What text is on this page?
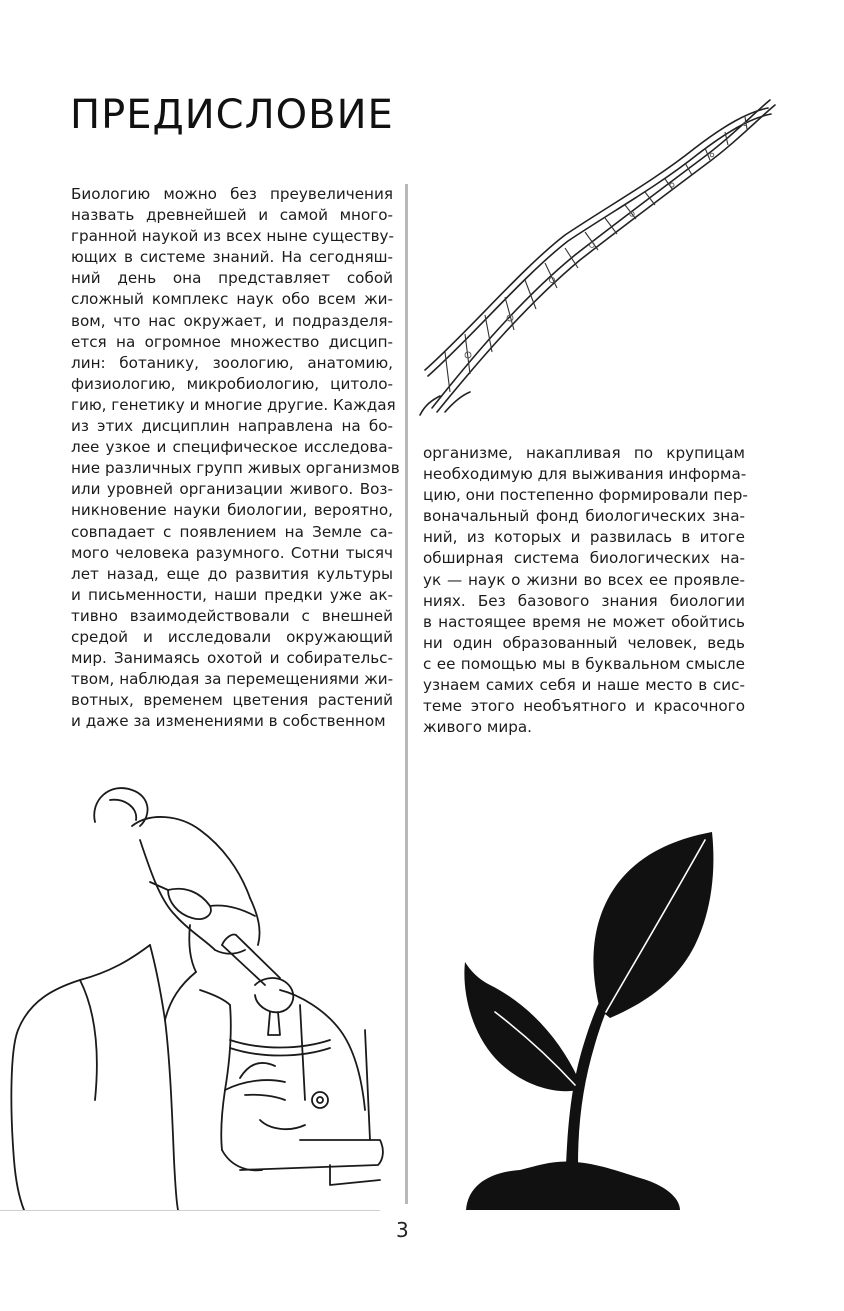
ПРЕДИСЛОВИЕ
Биологию можно без преувеличения
назвать древнейшей и самой много-
гранной наукой из всех ныне существу-
ющих в системе знаний. На сегодняш-
ний день она представляет собой
сложный комплекс наук обо всем жи-
вом, что нас окружает, и подразделя-
ется на огромное множество дисцип-
лин: ботанику, зоологию, анатомию,
физиологию, микробиологию, цитоло-
гию, генетику и многие другие. Каждая
из этих дисциплин направлена на бо-
лее узкое и специфическое исследова-
ние различных групп живых организмов
или уровней организации живого. Воз-
никновение науки биологии, вероятно,
совпадает с появлением на Земле са-
мого человека разумного. Сотни тысяч
лет назад, еще до развития культуры
и письменности, наши предки уже ак-
тивно взаимодействовали с внешней
средой и исследовали окружающий
мир. Занимаясь охотой и собирательс-
твом, наблюдая за перемещениями жи-
вотных, временем цветения растений
и даже за изменениями в собственном
организме, накапливая по крупицам
необходимую для выживания информа-
цию, они постепенно формировали пер-
воначальный фонд биологических зна-
ний, из которых и развилась в итоге
обширная система биологических на-
ук — наук о жизни во всех ее проявле-
ниях. Без базового знания биологии
в настоящее время не может обойтись
ни один образованный человек, ведь
с ее помощью мы в буквальном смысле
узнаем самих себя и наше место в сис-
теме этого необъятного и красочного
живого мира.
3
